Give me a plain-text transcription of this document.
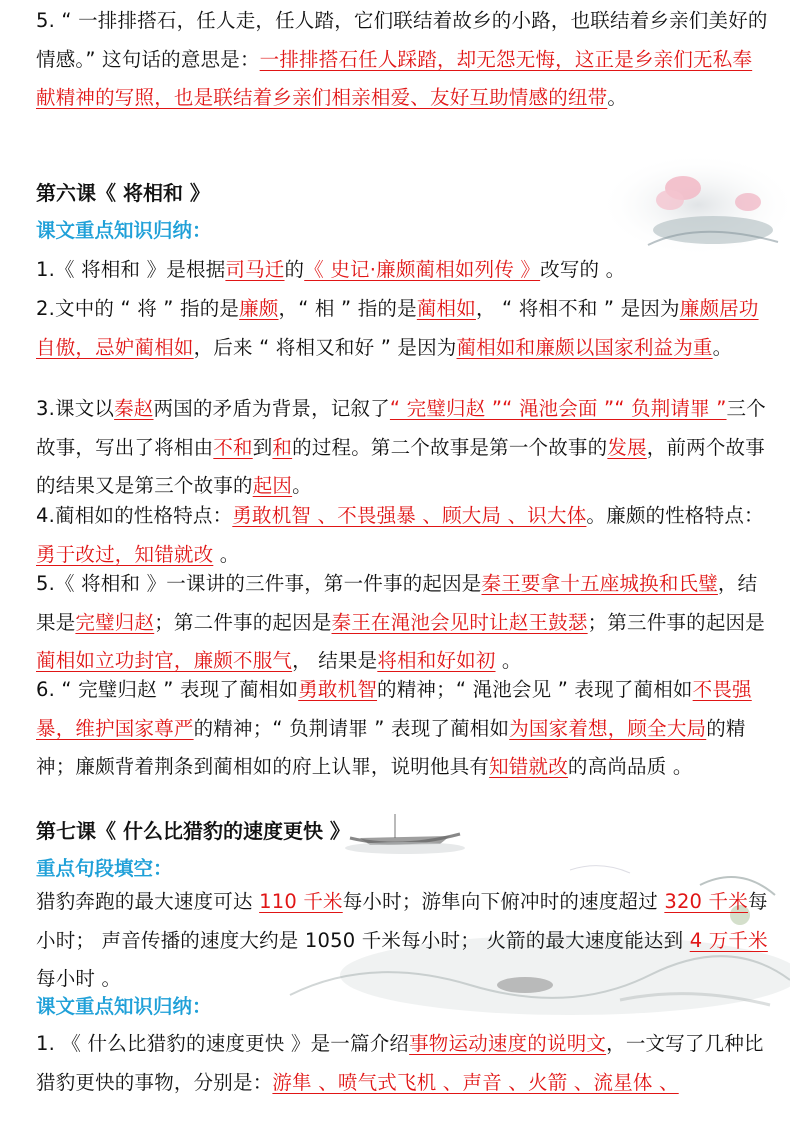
5. “ 一排排搭石，任人走，任人踏，它们联结着故乡的小路，也联结着乡亲们美好的情感。” 这句话的意思是：一排排搭石任人踩踏，却无怨无悔，这正是乡亲们无私奉献精神的写照，也是联结着乡亲们相亲相爱、友好互助情感的纽带。

第六课《 将相和 》

课文重点知识归纳：

1.《 将相和 》是根据司马迁的《 史记·廉颇蔺相如列传 》改写的 。

2.文中的 “ 将 ” 指的是廉颇，“ 相 ” 指的是蔺相如， “ 将相不和 ” 是因为廉颇居功自傲，忌妒蔺相如，后来 “ 将相又和好 ” 是因为蔺相如和廉颇以国家利益为重。

3.课文以秦赵两国的矛盾为背景，记叙了“ 完璧归赵 ”“ 渑池会面 ”“ 负荆请罪 ”三个故事，写出了将相由不和到和的过程。第二个故事是第一个故事的发展，前两个故事的结果又是第三个故事的起因。

4.蔺相如的性格特点：勇敢机智 、不畏强暴 、顾大局 、识大体。廉颇的性格特点：勇于改过，知错就改 。

5.《 将相和 》一课讲的三件事，第一件事的起因是秦王要拿十五座城换和氏璧，结果是完璧归赵；第二件事的起因是秦王在渑池会见时让赵王鼓瑟；第三件事的起因是蔺相如立功封官，廉颇不服气， 结果是将相和好如初 。

6. “ 完璧归赵 ” 表现了蔺相如勇敢机智的精神；“ 渑池会见 ” 表现了蔺相如不畏强暴，维护国家尊严的精神；“ 负荆请罪 ” 表现了蔺相如为国家着想，顾全大局的精神；廉颇背着荆条到蔺相如的府上认罪，说明他具有知错就改的高尚品质 。

第七课《 什么比猎豹的速度更快 》

重点句段填空：

猎豹奔跑的最大速度可达 110 千米每小时；游隼向下俯冲时的速度超过 320 千米每小时； 声音传播的速度大约是 1050 千米每小时； 火箭的最大速度能达到 4 万千米每小时 。

课文重点知识归纳：

1. 《 什么比猎豹的速度更快 》是一篇介绍事物运动速度的说明文，一文写了几种比猎豹更快的事物，分别是：游隼 、喷气式飞机 、声音 、火箭 、流星体 、
